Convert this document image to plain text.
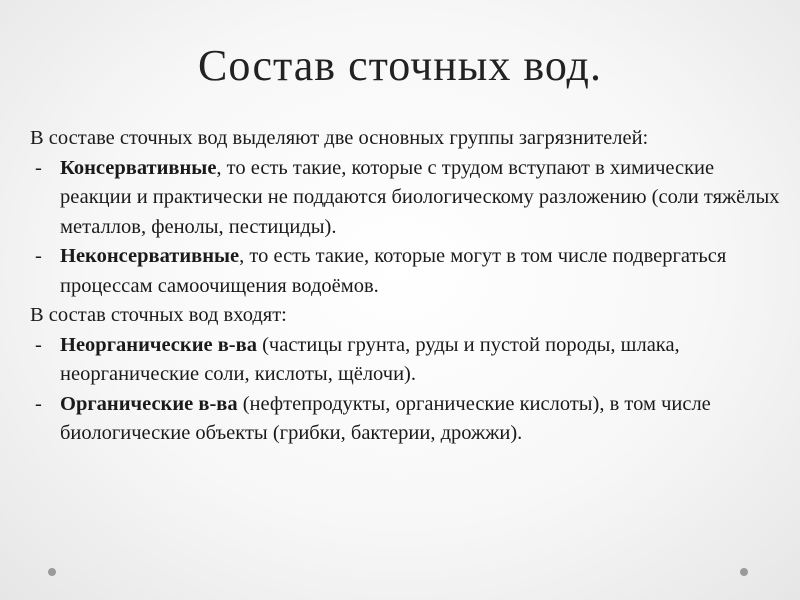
Состав сточных вод.

В составе сточных вод выделяют две основных группы загрязнителей:

- Консервативные, то есть такие, которые с трудом вступают в химические реакции и практически не поддаются биологическому разложению (соли тяжёлых металлов, фенолы, пестициды).

- Неконсервативные, то есть такие, которые могут в том числе подвергаться процессам самоочищения водоёмов.

В состав сточных вод входят:

- Неорганические в-ва (частицы грунта, руды и пустой породы, шлака, неорганические соли, кислоты, щёлочи).

- Органические в-ва (нефтепродукты, органические кислоты), в том числе биологические объекты (грибки, бактерии, дрожжи).
